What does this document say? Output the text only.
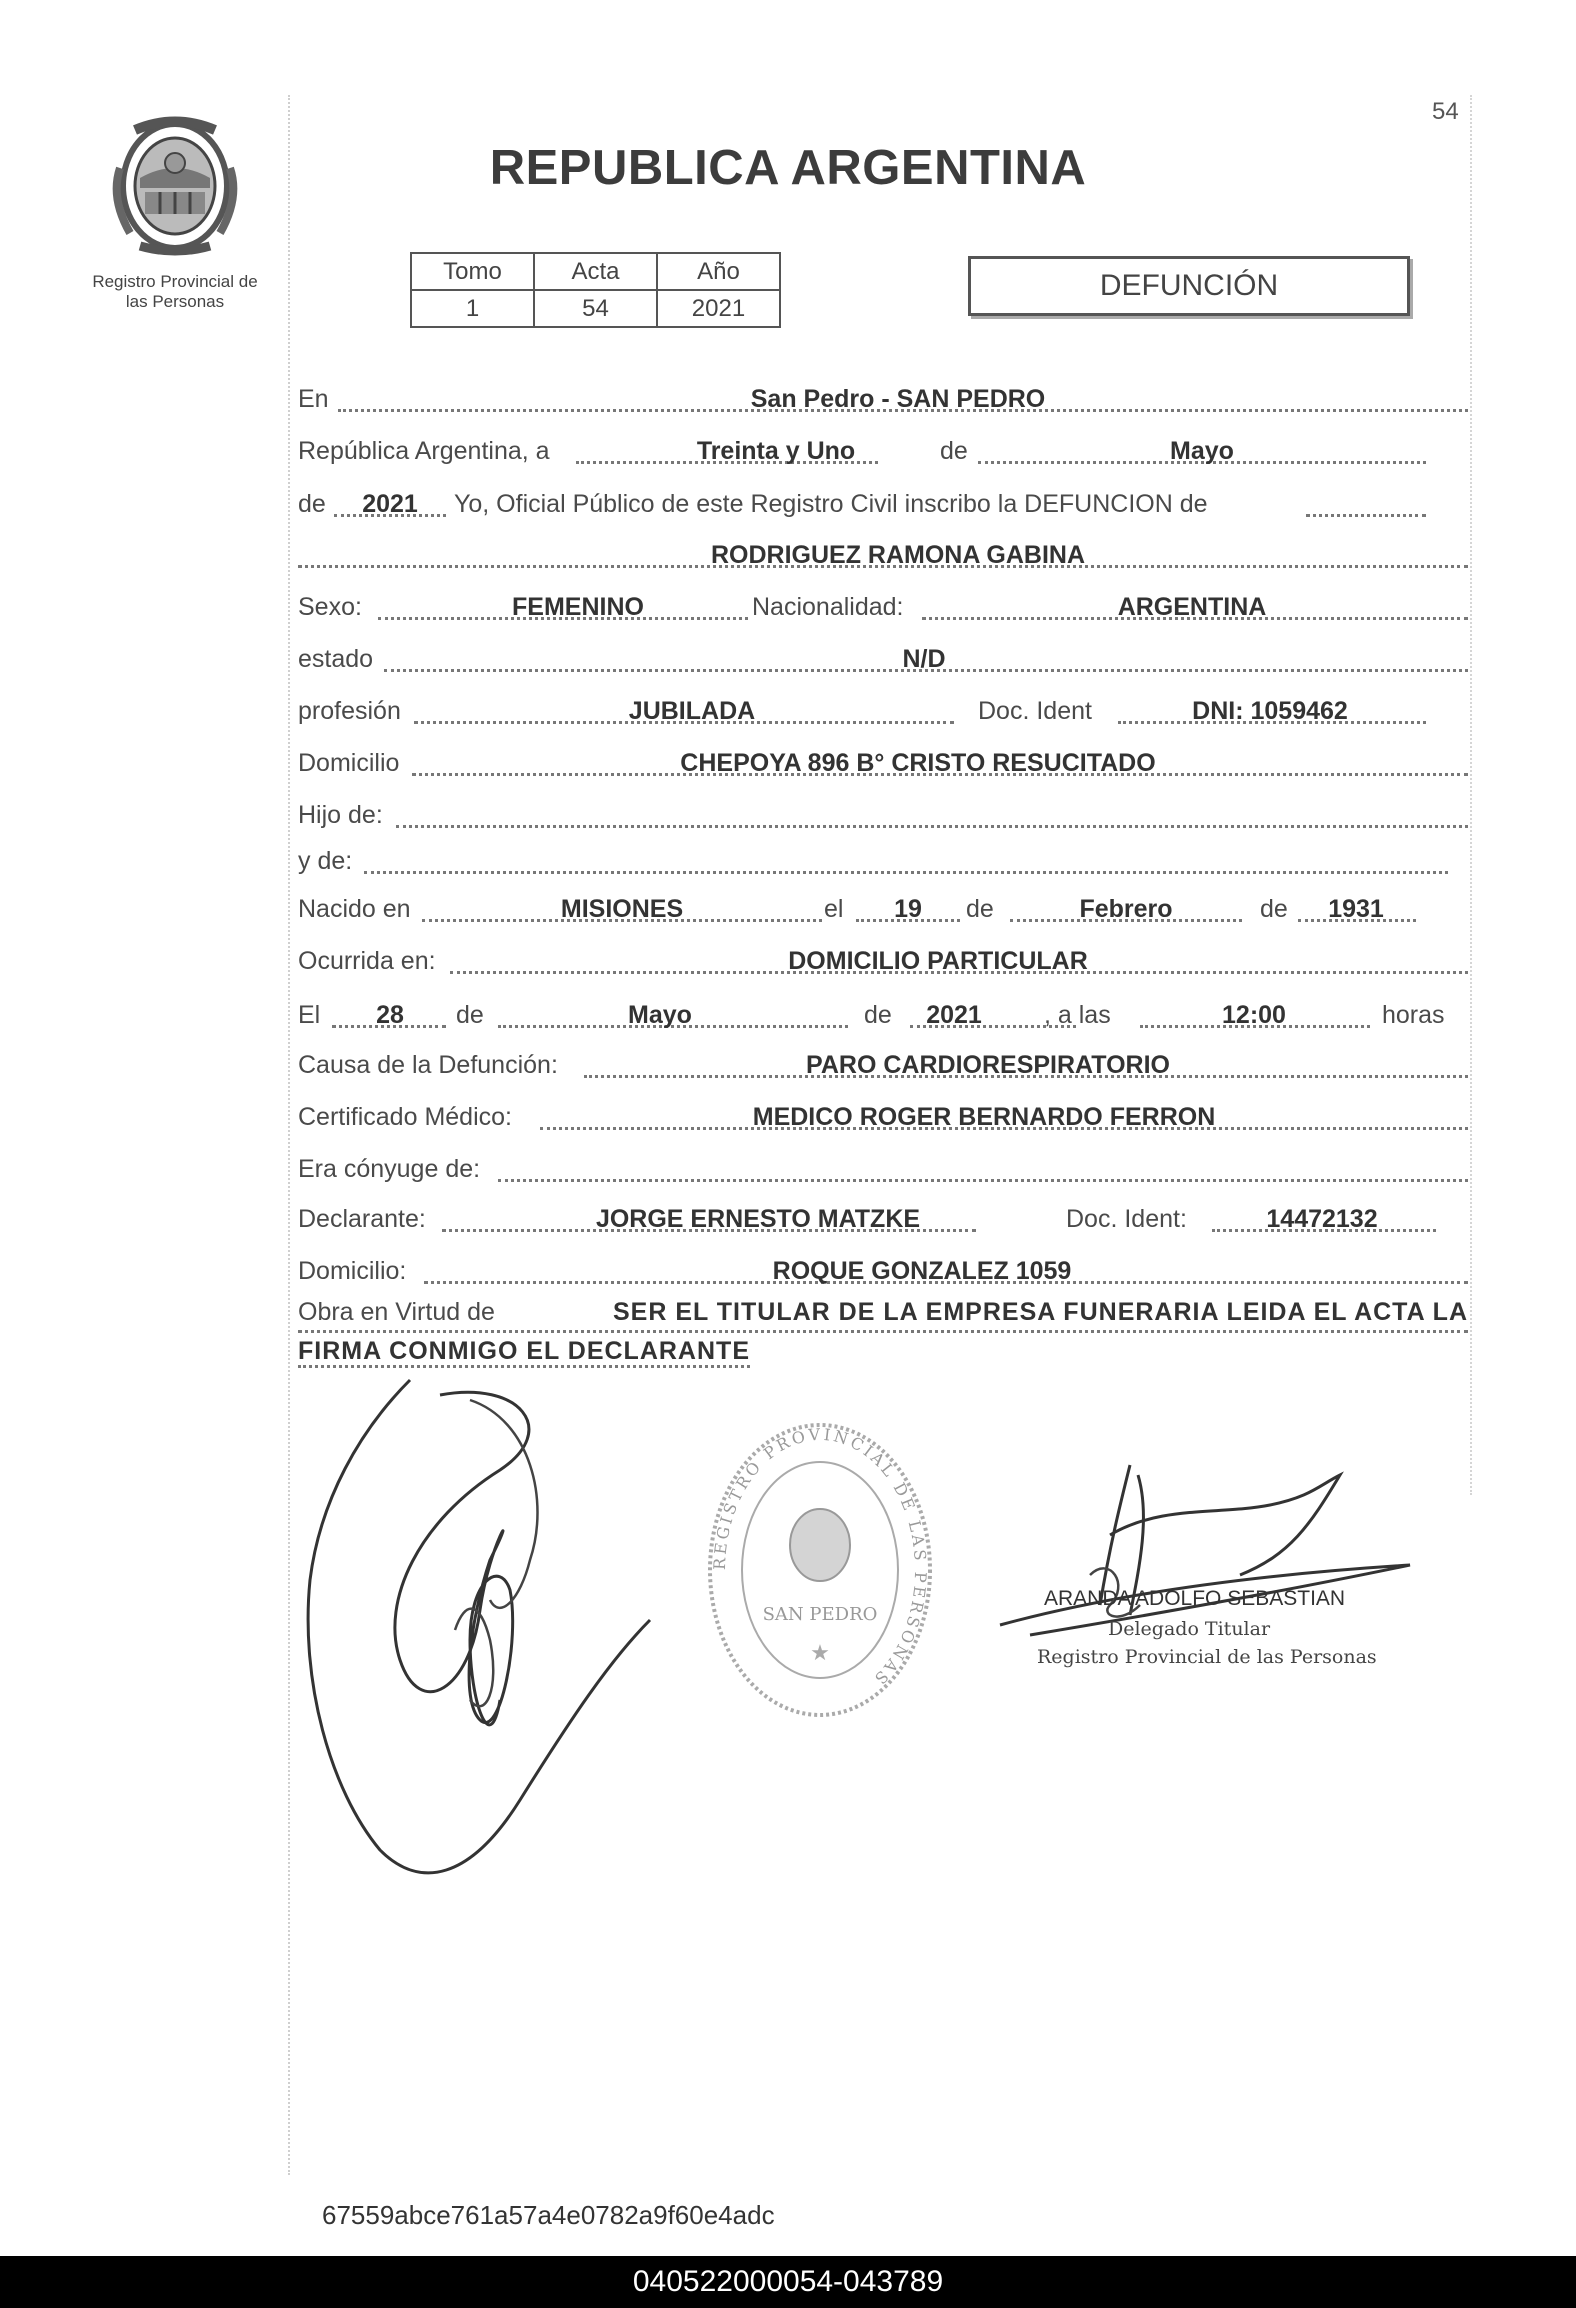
54
Registro Provincial de
las Personas
REPUBLICA ARGENTINA
Tomo	Acta	Año
1	54	2021
DEFUNCIÓN
En	San Pedro - SAN PEDRO
República Argentina, a	Treinta y Uno	de	Mayo
de 2021 Yo, Oficial Público de este Registro Civil inscribo la DEFUNCION de
RODRIGUEZ RAMONA GABINA
Sexo:	FEMENINO	Nacionalidad:	ARGENTINA
estado	N/D
profesión	JUBILADA	Doc. Ident	DNI: 1059462
Domicilio	CHEPOYA 896 B° CRISTO RESUCITADO
Hijo de:
y de:
Nacido en	MISIONES	el 19 de	Febrero	de 1931
Ocurrida en:	DOMICILIO PARTICULAR
El 28 de	Mayo	de 2021 , a las	12:00	horas
Causa de la Defunción:	PARO CARDIORESPIRATORIO
Certificado Médico:	MEDICO ROGER BERNARDO FERRON
Era cónyuge de:
Declarante:	JORGE ERNESTO MATZKE	Doc. Ident:	14472132
Domicilio:	ROQUE GONZALEZ 1059
Obra en Virtud de	SER EL TITULAR DE LA EMPRESA FUNERARIA LEIDA EL ACTA LA
FIRMA CONMIGO EL DECLARANTE
REGISTRO PROVINCIAL DE LAS PERSONAS
SAN PEDRO
★
ARANDA ADOLFO SEBASTIAN
Delegado Titular
Registro Provincial de las Personas
67559abce761a57a4e0782a9f60e4adc
040522000054-043789
